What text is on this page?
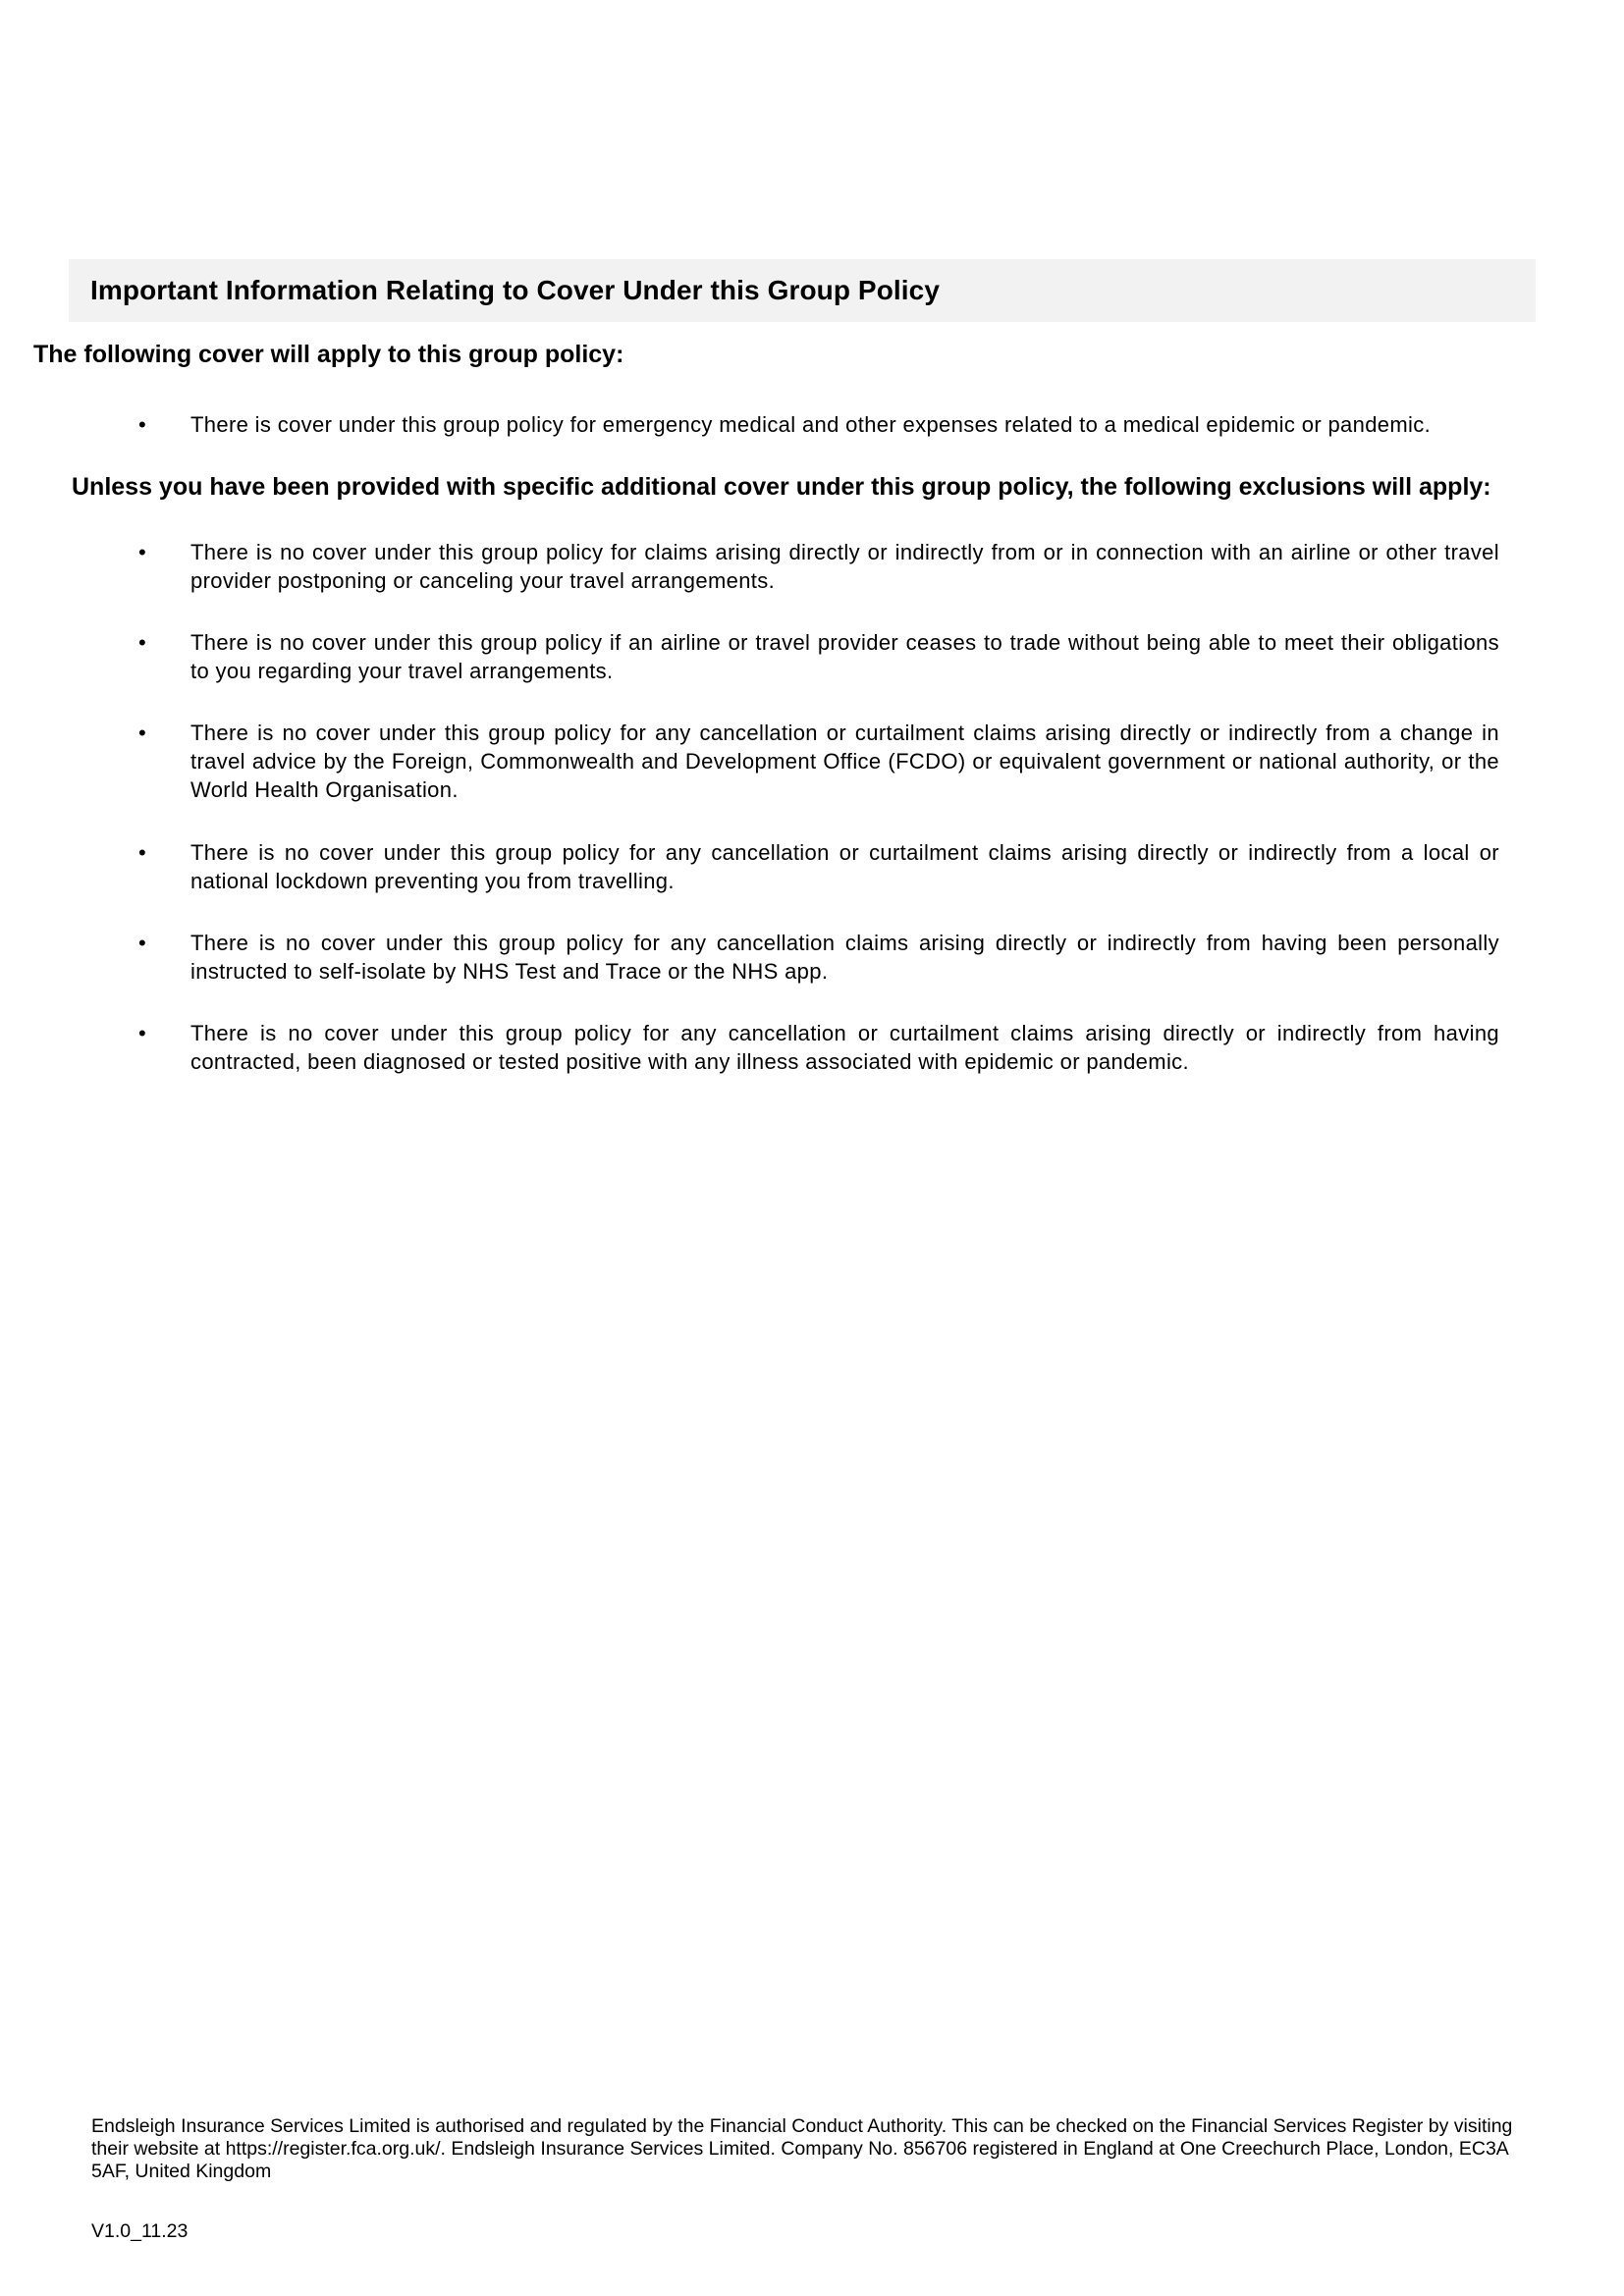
Important Information Relating to Cover Under this Group Policy
The following cover will apply to this group policy:
• There is cover under this group policy for emergency medical and other expenses related to a medical epidemic or pandemic.
Unless you have been provided with specific additional cover under this group policy, the following exclusions will apply:
• There is no cover under this group policy for claims arising directly or indirectly from or in connection with an airline or other travel provider postponing or canceling your travel arrangements.
• There is no cover under this group policy if an airline or travel provider ceases to trade without being able to meet their obligations to you regarding your travel arrangements.
• There is no cover under this group policy for any cancellation or curtailment claims arising directly or indirectly from a change in travel advice by the Foreign, Commonwealth and Development Office (FCDO) or equivalent government or national authority, or the World Health Organisation.
• There is no cover under this group policy for any cancellation or curtailment claims arising directly or indirectly from a local or national lockdown preventing you from travelling.
• There is no cover under this group policy for any cancellation claims arising directly or indirectly from having been personally instructed to self-isolate by NHS Test and Trace or the NHS app.
• There is no cover under this group policy for any cancellation or curtailment claims arising directly or indirectly from having contracted, been diagnosed or tested positive with any illness associated with epidemic or pandemic.

Endsleigh Insurance Services Limited is authorised and regulated by the Financial Conduct Authority. This can be checked on the Financial Services Register by visiting their website at https://register.fca.org.uk/. Endsleigh Insurance Services Limited. Company No. 856706 registered in England at One Creechurch Place, London, EC3A 5AF, United Kingdom

V1.0_11.23
